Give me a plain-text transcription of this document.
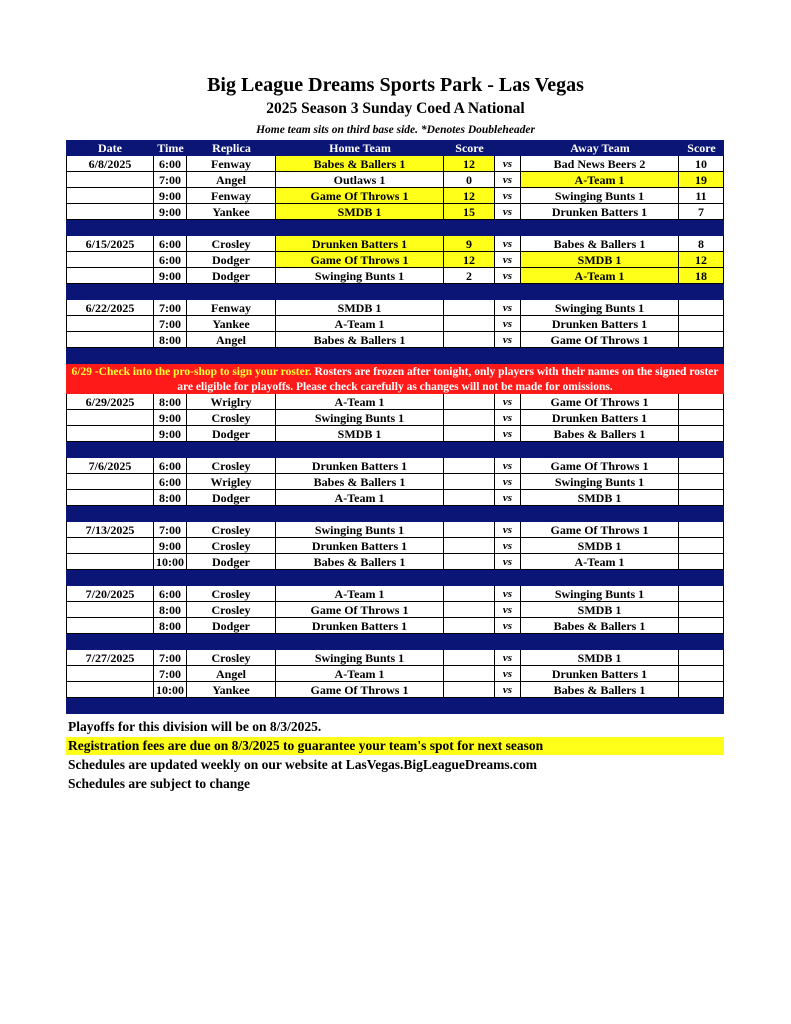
Big League Dreams Sports Park - Las Vegas
2025 Season 3 Sunday Coed A National
Home team sits on third base side. *Denotes Doubleheader
Date	Time	Replica	Home Team	Score	Away Team	Score
6/8/2025	6:00	Fenway	Babes & Ballers 1	12	vs	Bad News Beers 2	10
7:00	Angel	Outlaws 1	0	vs	A-Team 1	19
9:00	Fenway	Game Of Throws 1	12	vs	Swinging Bunts 1	11
9:00	Yankee	SMDB 1	15	vs	Drunken Batters 1	7
6/15/2025	6:00	Crosley	Drunken Batters 1	9	vs	Babes & Ballers 1	8
6:00	Dodger	Game Of Throws 1	12	vs	SMDB 1	12
9:00	Dodger	Swinging Bunts 1	2	vs	A-Team 1	18
6/22/2025	7:00	Fenway	SMDB 1	vs	Swinging Bunts 1
7:00	Yankee	A-Team 1	vs	Drunken Batters 1
8:00	Angel	Babes & Ballers 1	vs	Game Of Throws 1
6/29 -Check into the pro-shop to sign your roster. Rosters are frozen after tonight, only players with their names on the signed roster are eligible for playoffs. Please check carefully as changes will not be made for omissions.
6/29/2025	8:00	Wriglry	A-Team 1	vs	Game Of Throws 1
9:00	Crosley	Swinging Bunts 1	vs	Drunken Batters 1
9:00	Dodger	SMDB 1	vs	Babes & Ballers 1
7/6/2025	6:00	Crosley	Drunken Batters 1	vs	Game Of Throws 1
6:00	Wrigley	Babes & Ballers 1	vs	Swinging Bunts 1
8:00	Dodger	A-Team 1	vs	SMDB 1
7/13/2025	7:00	Crosley	Swinging Bunts 1	vs	Game Of Throws 1
9:00	Crosley	Drunken Batters 1	vs	SMDB 1
10:00	Dodger	Babes & Ballers 1	vs	A-Team 1
7/20/2025	6:00	Crosley	A-Team 1	vs	Swinging Bunts 1
8:00	Crosley	Game Of Throws 1	vs	SMDB 1
8:00	Dodger	Drunken Batters 1	vs	Babes & Ballers 1
7/27/2025	7:00	Crosley	Swinging Bunts 1	vs	SMDB 1
7:00	Angel	A-Team 1	vs	Drunken Batters 1
10:00	Yankee	Game Of Throws 1	vs	Babes & Ballers 1
Playoffs for this division will be on 8/3/2025.
Registration fees are due on 8/3/2025 to guarantee your team's spot for next season
Schedules are updated weekly on our website at LasVegas.BigLeagueDreams.com
Schedules are subject to change
